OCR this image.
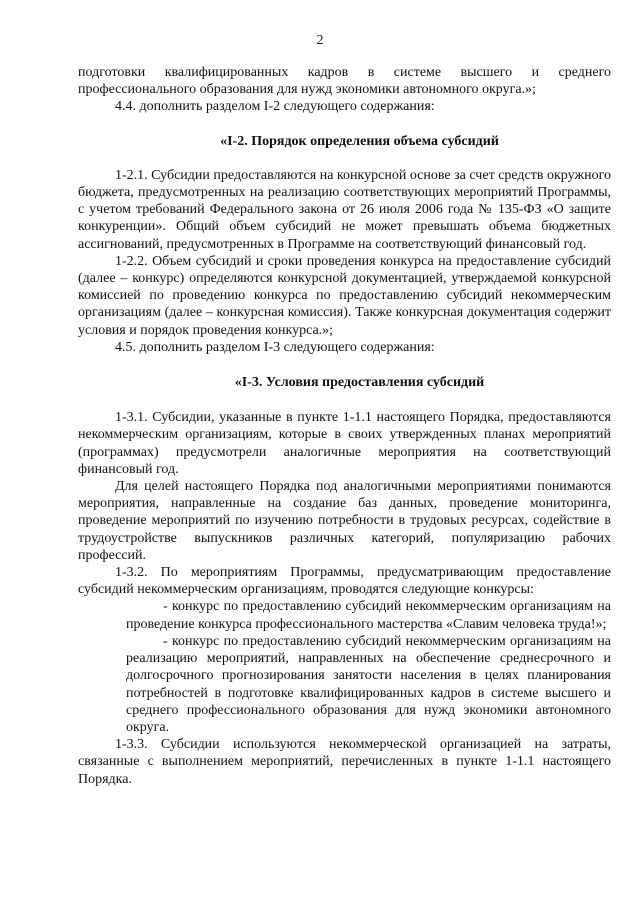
2

подготовки квалифицированных кадров в системе высшего и среднего профессионального образования для нужд экономики автономного округа.»;

4.4. дополнить разделом I-2 следующего содержания:

«I-2. Порядок определения объема субсидий

1-2.1. Субсидии предоставляются на конкурсной основе за счет средств окружного бюджета, предусмотренных на реализацию соответствующих мероприятий Программы, с учетом требований Федерального закона от 26 июля 2006 года № 135-ФЗ «О защите конкуренции». Общий объем субсидий не может превышать объема бюджетных ассигнований, предусмотренных в Программе на соответствующий финансовый год.

1-2.2. Объем субсидий и сроки проведения конкурса на предоставление субсидий (далее – конкурс) определяются конкурсной документацией, утверждаемой конкурсной комиссией по проведению конкурса по предоставлению субсидий некоммерческим организациям (далее – конкурсная комиссия). Также конкурсная документация содержит условия и порядок проведения конкурса.»;

4.5. дополнить разделом I-3 следующего содержания:

«I-3. Условия предоставления субсидий

1-3.1. Субсидии, указанные в пункте 1-1.1 настоящего Порядка, предоставляются некоммерческим организациям, которые в своих утвержденных планах мероприятий (программах) предусмотрели аналогичные мероприятия на соответствующий финансовый год.

Для целей настоящего Порядка под аналогичными мероприятиями понимаются мероприятия, направленные на создание баз данных, проведение мониторинга, проведение мероприятий по изучению потребности в трудовых ресурсах, содействие в трудоустройстве выпускников различных категорий, популяризацию рабочих профессий.

1-3.2. По мероприятиям Программы, предусматривающим предоставление субсидий некоммерческим организациям, проводятся следующие конкурсы:

- конкурс по предоставлению субсидий некоммерческим организациям на проведение конкурса профессионального мастерства «Славим человека труда!»;

- конкурс по предоставлению субсидий некоммерческим организациям на реализацию мероприятий, направленных на обеспечение среднесрочного и долгосрочного прогнозирования занятости населения в целях планирования потребностей в подготовке квалифицированных кадров в системе высшего и среднего профессионального образования для нужд экономики автономного округа.

1-3.3. Субсидии используются некоммерческой организацией на затраты, связанные с выполнением мероприятий, перечисленных в пункте 1-1.1 настоящего Порядка.
